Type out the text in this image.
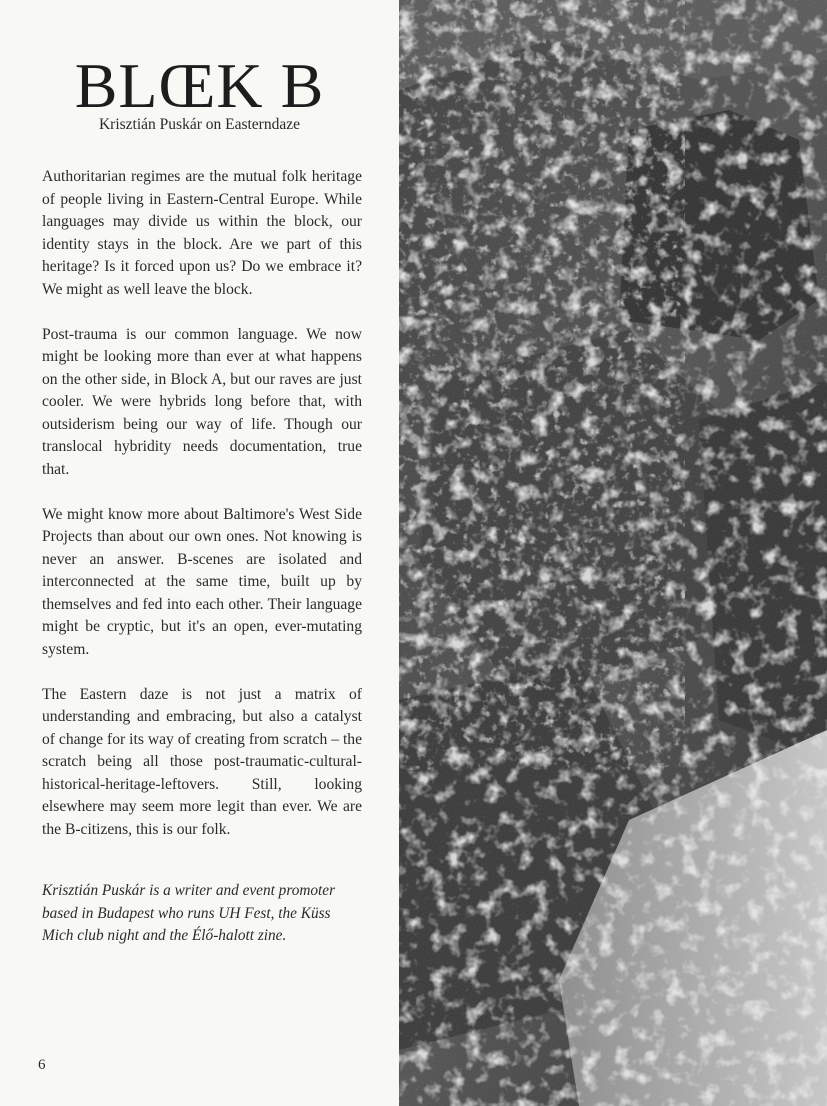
BLŒK B

Krisztián Puskár on Easterndaze

Authoritarian regimes are the mutual folk heritage of people living in Eastern-Central Europe. While languages may divide us within the block, our identity stays in the block. Are we part of this heritage? Is it forced upon us? Do we embrace it? We might as well leave the block.

Post-trauma is our common language. We now might be looking more than ever at what happens on the other side, in Block A, but our raves are just cooler. We were hybrids long before that, with outsiderism being our way of life. Though our translocal hybridity needs documentation, true that.

We might know more about Baltimore's West Side Projects than about our own ones. Not knowing is never an answer. B-scenes are isolated and interconnected at the same time, built up by themselves and fed into each other. Their language might be cryptic, but it's an open, ever-mutating system.

The Eastern daze is not just a matrix of understanding and embracing, but also a catalyst of change for its way of creating from scratch – the scratch being all those post-traumatic-cultural-historical-heritage-leftovers. Still, looking elsewhere may seem more legit than ever. We are the B-citizens, this is our folk.

Krisztián Puskár is a writer and event promoter based in Budapest who runs UH Fest, the Küss Mich club night and the Élő-halott zine.

6
